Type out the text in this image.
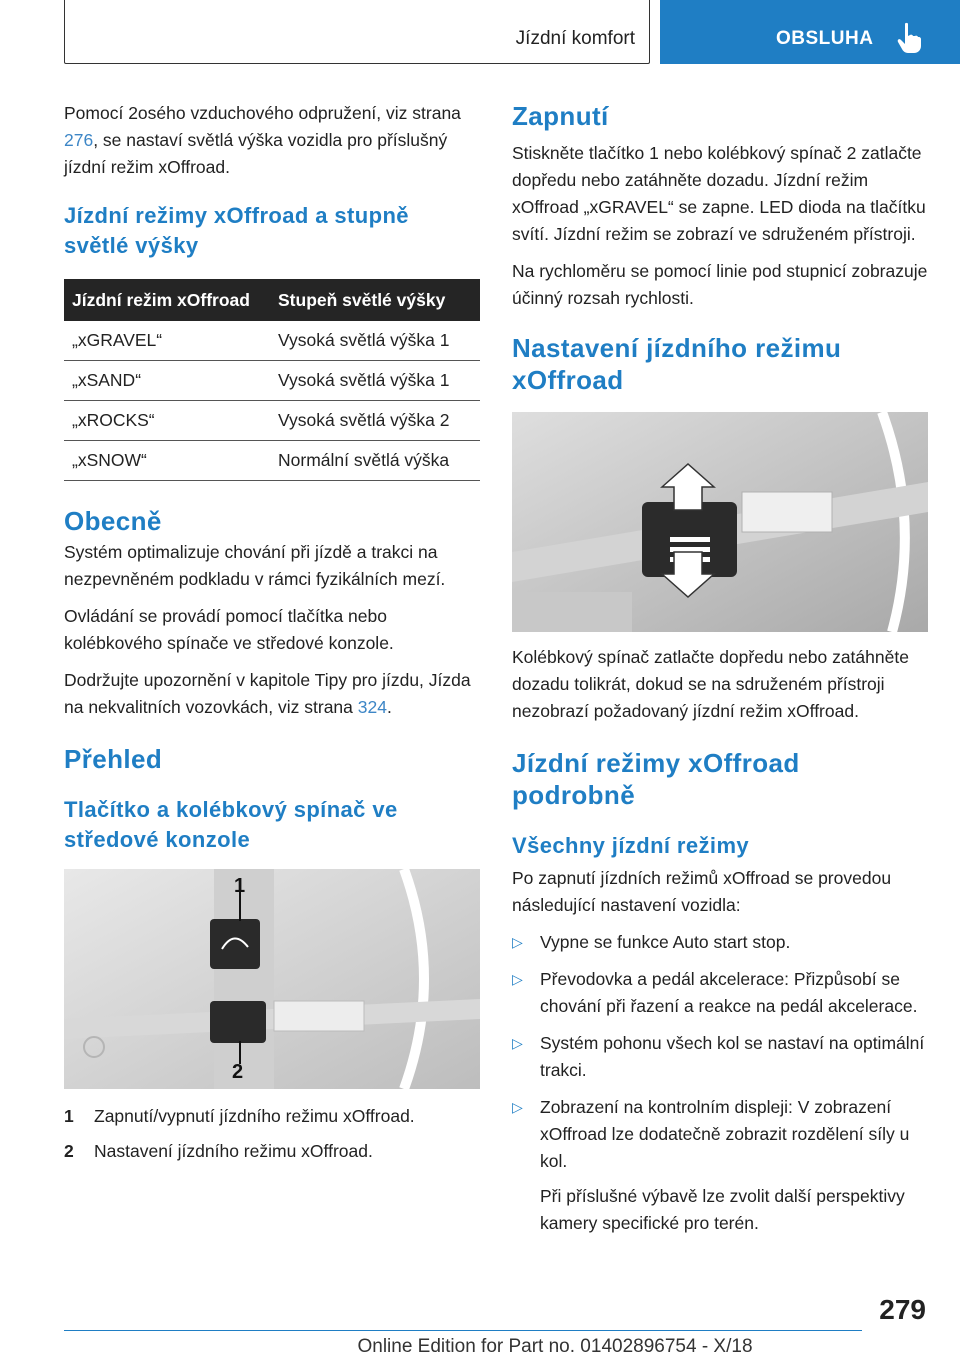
Jízdní komfort	OBSLUHA

Pomocí 2osého vzduchového odpružení, viz strana 276, se nastaví světlá výška vozidla pro příslušný jízdní režim xOffroad.

Jízdní režimy xOffroad a stupně světlé výšky
Jízdní režim xOffroad	Stupeň světlé výšky
„xGRAVEL“	Vysoká světlá výška 1
„xSAND“	Vysoká světlá výška 1
„xROCKS“	Vysoká světlá výška 2
„xSNOW“	Normální světlá výška
Obecně

Systém optimalizuje chování při jízdě a trakci na nezpevněném podkladu v rámci fyzikálních mezí.

Ovládání se provádí pomocí tlačítka nebo kolébkového spínače ve středové konzole.

Dodržujte upozornění v kapitole Tipy pro jízdu, Jízda na nekvalitních vozovkách, viz strana 324.

Přehled
Tlačítko a kolébkový spínač ve středové konzole
1
2
1	Zapnutí/vypnutí jízdního režimu xOffroad.
2	Nastavení jízdního režimu xOffroad.
Zapnutí

Stiskněte tlačítko 1 nebo kolébkový spínač 2 zatlačte dopředu nebo zatáhněte dozadu. Jízdní režim xOffroad „xGRAVEL“ se zapne. LED dioda na tlačítku svítí. Jízdní režim se zobrazí ve sdruženém přístroji.

Na rychloměru se pomocí linie pod stupnicí zobrazuje účinný rozsah rychlosti.

Nastavení jízdního režimu xOffroad

Kolébkový spínač zatlačte dopředu nebo zatáhněte dozadu tolikrát, dokud se na sdruženém přístroji nezobrazí požadovaný jízdní režim xOffroad.

Jízdní režimy xOffroad podrobně
Všechny jízdní režimy

Po zapnutí jízdních režimů xOffroad se provedou následující nastavení vozidla:

▷ Vypne se funkce Auto start stop.
▷ Převodovka a pedál akcelerace: Přizpůsobí se chování při řazení a reakce na pedál akcelerace.
▷ Systém pohonu všech kol se nastaví na optimální trakci.
▷ Zobrazení na kontrolním displeji: V zobrazení xOffroad lze dodatečně zobrazit rozdělení síly u kol.
Při příslušné výbavě lze zvolit další perspektivy kamery specifické pro terén.
279
Online Edition for Part no. 01402896754 - X/18
